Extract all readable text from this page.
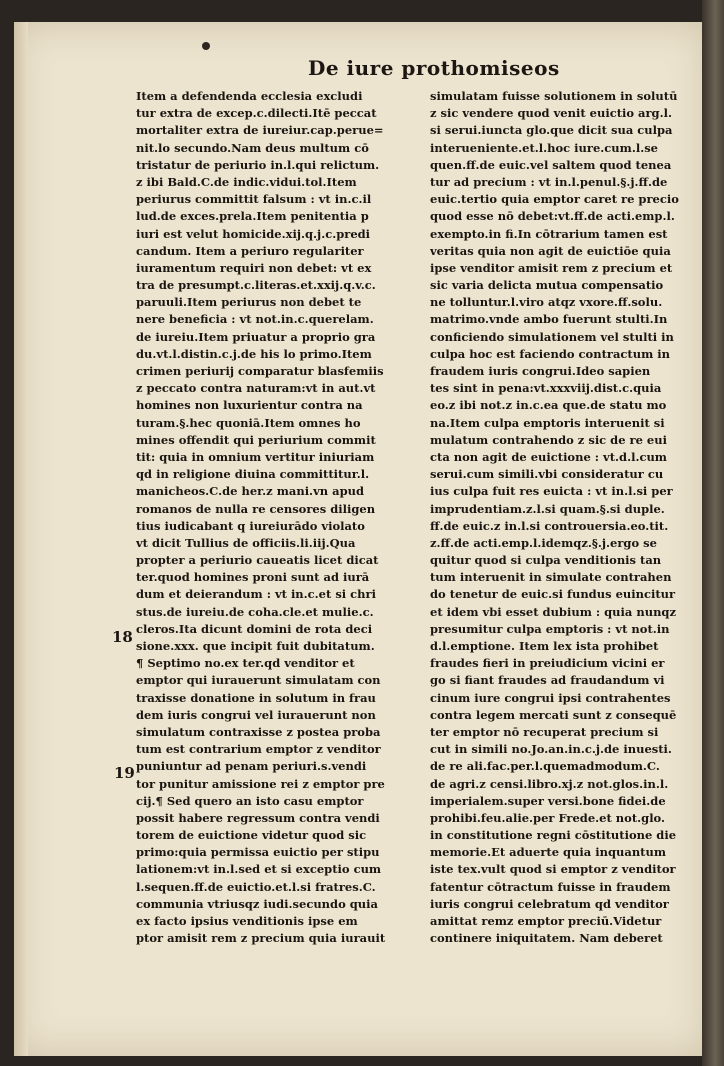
De iure prothomiseos
Item a defendenda ecclesia excludi
tur extra de excep.c.dilecti.Itē peccat
mortaliter extra de iureiur.cap.perue=
nit.lo secundo.Nam deus multum cō
tristatur de periurio in.l.qui relictum.
z ibi Bald.C.de indic.vidui.tol.Item
periurus committit falsum : vt in.c.il
lud.de exces.prela.Item penitentia p
iuri est velut homicide.xij.q.j.c.predi
candum. Item a periuro regulariter
iuramentum requiri non debet: vt ex
tra de presumpt.c.literas.et.xxij.q.v.c.
paruuli.Item periurus non debet te
nere beneficia : vt not.in.c.querelam.
de iureiu.Item priuatur a proprio gra
du.vt.l.distin.c.j.de his lo primo.Item
crimen periurij comparatur blasfemiis
z peccato contra naturam:vt in aut.vt
homines non luxurientur contra na
turam.§.hec quoniā.Item omnes ho
mines offendit qui periurium commit
tit: quia in omnium vertitur iniuriam
qd in religione diuina committitur.l.
manicheos.C.de her.z mani.vn apud
romanos de nulla re censores diligen
tius iudicabant q iureiurādo violato
vt dicit Tullius de officiis.li.iij.Qua
propter a periurio caueatis licet dicat
ter.quod homines proni sunt ad iurā
dum et deierandum : vt in.c.et si chri
stus.de iureiu.de coha.cle.et mulie.c.
cleros.Ita dicunt domini de rota deci
sione.xxx. que incipit fuit dubitatum.
¶ Septimo no.ex ter.qd venditor et
emptor qui iurauerunt simulatam con
traxisse donatione in solutum in frau
dem iuris congrui vel iurauerunt non
simulatum contraxisse z postea proba
tum est contrarium emptor z venditor
puniuntur ad penam periuri.s.vendi
tor punitur amissione rei z emptor pre
cij.¶ Sed quero an isto casu emptor
possit habere regressum contra vendi
torem de euictione videtur quod sic
primo:quia permissa euictio per stipu
lationem:vt in.l.sed et si exceptio cum
l.sequen.ff.de euictio.et.l.si fratres.C.
communia vtriusqz iudi.secundo quia
ex facto ipsius venditionis ipse em
ptor amisit rem z precium quia iurauit
simulatam fuisse solutionem in solutū
z sic vendere quod venit euictio arg.l.
si serui.iuncta glo.que dicit sua culpa
interueniente.et.l.hoc iure.cum.l.se
quen.ff.de euic.vel saltem quod tenea
tur ad precium : vt in.l.penul.§.j.ff.de
euic.tertio quia emptor caret re precio
quod esse nō debet:vt.ff.de acti.emp.l.
exempto.in fi.In cōtrarium tamen est
veritas quia non agit de euictiōe quia
ipse venditor amisit rem z precium et
sic varia delicta mutua compensatio
ne tolluntur.l.viro atqz vxore.ff.solu.
matrimo.vnde ambo fuerunt stulti.In
conficiendo simulationem vel stulti in
culpa hoc est faciendo contractum in
fraudem iuris congrui.Ideo sapien
tes sint in pena:vt.xxxviij.dist.c.quia
eo.z ibi not.z in.c.ea que.de statu mo
na.Item culpa emptoris interuenit si
mulatum contrahendo z sic de re eui
cta non agit de euictione : vt.d.l.cum
serui.cum simili.vbi consideratur cu
ius culpa fuit res euicta : vt in.l.si per
imprudentiam.z.l.si quam.§.si duple.
ff.de euic.z in.l.si controuersia.eo.tit.
z.ff.de acti.emp.l.idemqz.§.j.ergo se
quitur quod si culpa venditionis tan
tum interuenit in simulate contrahen
do tenetur de euic.si fundus euincitur
et idem vbi esset dubium : quia nunqz
presumitur culpa emptoris : vt not.in
d.l.emptione. Item lex ista prohibet
fraudes fieri in preiudicium vicini er
go si fiant fraudes ad fraudandum vi
cinum iure congrui ipsi contrahentes
contra legem mercati sunt z consequē
ter emptor nō recuperat precium si
cut in simili no.Jo.an.in.c.j.de inuesti.
de re ali.fac.per.l.quemadmodum.C.
de agri.z censi.libro.xj.z not.glos.in.l.
imperialem.super versi.bone fidei.de
prohibi.feu.alie.per Frede.et not.glo.
in constitutione regni cōstitutione die
memorie.Et aduerte quia inquantum
iste tex.vult quod si emptor z venditor
fatentur cōtractum fuisse in fraudem
iuris congrui celebratum qd venditor
amittat remz emptor preciū.Videtur
continere iniquitatem. Nam deberet
18
19
